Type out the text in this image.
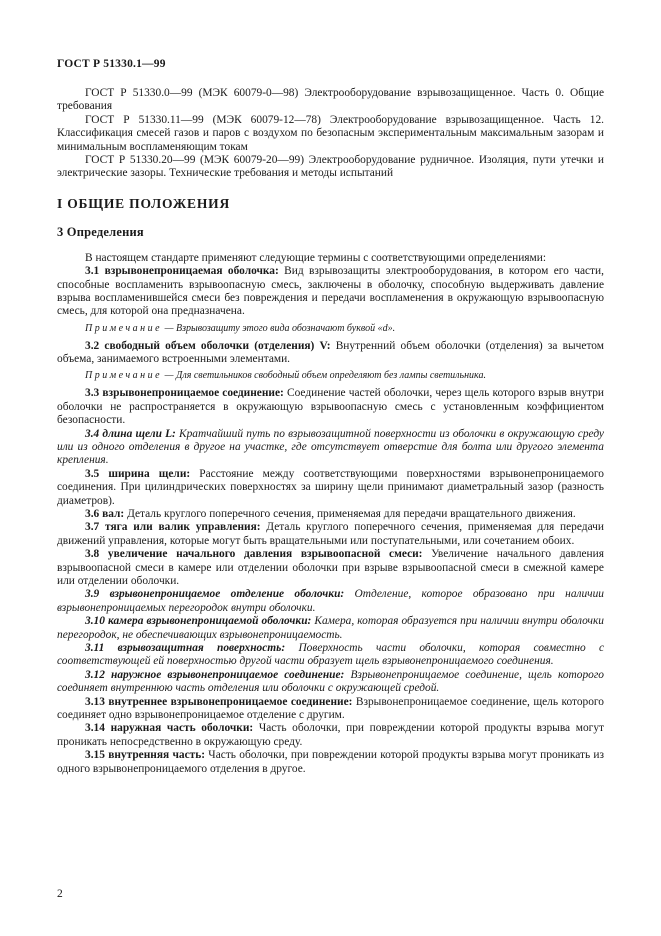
ГОСТ Р 51330.1—99

ГОСТ Р 51330.0—99 (МЭК 60079-0—98) Электрооборудование взрывозащищенное. Часть 0. Общие требования

ГОСТ Р 51330.11—99 (МЭК 60079-12—78) Электрооборудование взрывозащищенное. Часть 12. Классификация смесей газов и паров с воздухом по безопасным экспериментальным максимальным зазорам и минимальным воспламеняющим токам

ГОСТ Р 51330.20—99 (МЭК 60079-20—99) Электрооборудование рудничное. Изоляция, пути утечки и электрические зазоры. Технические требования и методы испытаний

I ОБЩИЕ ПОЛОЖЕНИЯ
3 Определения

В настоящем стандарте применяют следующие термины с соответствующими определениями:

3.1 взрывонепроницаемая оболочка: Вид взрывозащиты электрооборудования, в котором его части, способные воспламенить взрывоопасную смесь, заключены в оболочку, способную выдерживать давление взрыва воспламенившейся смеси без повреждения и передачи воспламенения в окружающую взрывоопасную смесь, для которой она предназначена.

Примечание — Взрывозащиту этого вида обозначают буквой «d».

3.2 свободный объем оболочки (отделения) V: Внутренний объем оболочки (отделения) за вычетом объема, занимаемого встроенными элементами.

Примечание — Для светильников свободный объем определяют без лампы светильника.

3.3 взрывонепроницаемое соединение: Соединение частей оболочки, через щель которого взрыв внутри оболочки не распространяется в окружающую взрывоопасную смесь с установленным коэффициентом безопасности.

3.4 длина щели L: Кратчайший путь по взрывозащитной поверхности из оболочки в окружающую среду или из одного отделения в другое на участке, где отсутствует отверстие для болта или другого элемента крепления.

3.5 ширина щели: Расстояние между соответствующими поверхностями взрывонепроницаемого соединения. При цилиндрических поверхностях за ширину щели принимают диаметральный зазор (разность диаметров).

3.6 вал: Деталь круглого поперечного сечения, применяемая для передачи вращательного движения.

3.7 тяга или валик управления: Деталь круглого поперечного сечения, применяемая для передачи движений управления, которые могут быть вращательными или поступательными, или сочетанием обоих.

3.8 увеличение начального давления взрывоопасной смеси: Увеличение начального давления взрывоопасной смеси в камере или отделении оболочки при взрыве взрывоопасной смеси в смежной камере или отделении оболочки.

3.9 взрывонепроницаемое отделение оболочки: Отделение, которое образовано при наличии взрывонепроницаемых перегородок внутри оболочки.

3.10 камера взрывонепроницаемой оболочки: Камера, которая образуется при наличии внутри оболочки перегородок, не обеспечивающих взрывонепроницаемость.

3.11 взрывозащитная поверхность: Поверхность части оболочки, которая совместно с соответствующей ей поверхностью другой части образует щель взрывонепроницаемого соединения.

3.12 наружное взрывонепроницаемое соединение: Взрывонепроницаемое соединение, щель которого соединяет внутреннюю часть отделения или оболочки с окружающей средой.

3.13 внутреннее взрывонепроницаемое соединение: Взрывонепроницаемое соединение, щель которого соединяет одно взрывонепроницаемое отделение с другим.

3.14 наружная часть оболочки: Часть оболочки, при повреждении которой продукты взрыва могут проникать непосредственно в окружающую среду.

3.15 внутренняя часть: Часть оболочки, при повреждении которой продукты взрыва могут проникать из одного взрывонепроницаемого отделения в другое.

2
